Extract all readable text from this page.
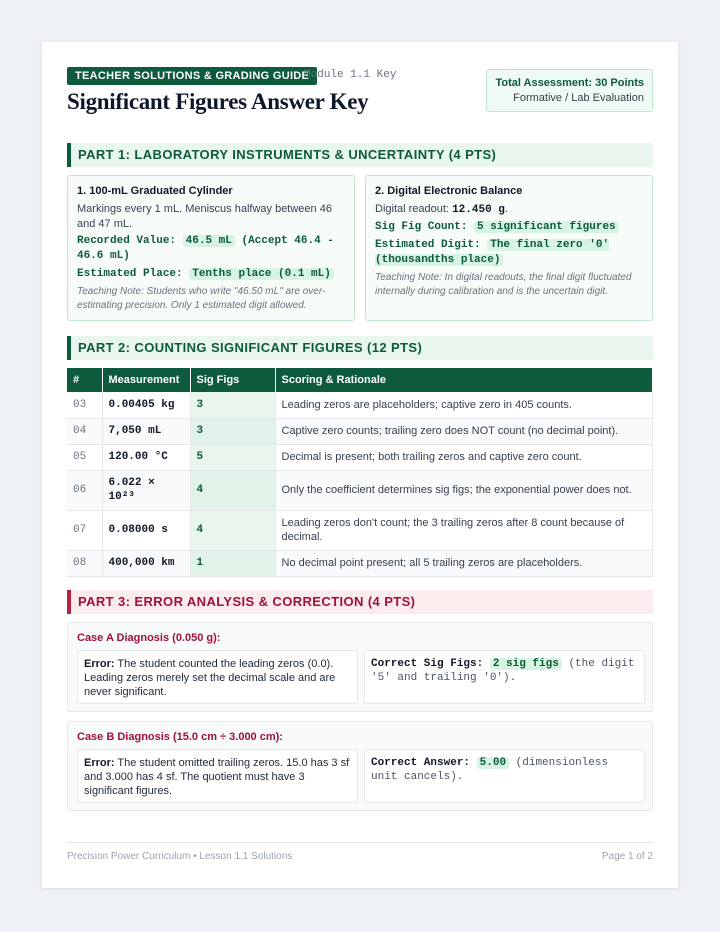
TEACHER SOLUTIONS & GRADING GUIDE
Module 1.1 Key
Significant Figures Answer Key
Total Assessment: 30 Points
Formative / Lab Evaluation
PART 1: LABORATORY INSTRUMENTS & UNCERTAINTY (4 PTS)
1. 100-mL Graduated Cylinder
Markings every 1 mL. Meniscus halfway between 46 and 47 mL.
Recorded Value: 46.5 mL (Accept 46.4 - 46.6 mL)
Estimated Place: Tenths place (0.1 mL)
Teaching Note: Students who write "46.50 mL" are over-estimating precision. Only 1 estimated digit allowed.
2. Digital Electronic Balance
Digital readout: 12.450 g.
Sig Fig Count: 5 significant figures
Estimated Digit: The final zero '0' (thousandths place)
Teaching Note: In digital readouts, the final digit fluctuated internally during calibration and is the uncertain digit.
PART 2: COUNTING SIGNIFICANT FIGURES (12 PTS)
#	Measurement	Sig Figs	Scoring & Rationale
03	0.00405 kg	3	Leading zeros are placeholders; captive zero in 405 counts.
04	7,050 mL	3	Captive zero counts; trailing zero does NOT count (no decimal point).
05	120.00 °C	5	Decimal is present; both trailing zeros and captive zero count.
06	6.022 × 10²³	4	Only the coefficient determines sig figs; the exponential power does not.
07	0.08000 s	4	Leading zeros don't count; the 3 trailing zeros after 8 count because of decimal.
08	400,000 km	1	No decimal point present; all 5 trailing zeros are placeholders.
PART 3: ERROR ANALYSIS & CORRECTION (4 PTS)
Case A Diagnosis (0.050 g):
Error: The student counted the leading zeros (0.0). Leading zeros merely set the decimal scale and are never significant.
Correct Sig Figs: 2 sig figs (the digit '5' and trailing '0').
Case B Diagnosis (15.0 cm ÷ 3.000 cm):
Error: The student omitted trailing zeros. 15.0 has 3 sf and 3.000 has 4 sf. The quotient must have 3 significant figures.
Correct Answer: 5.00 (dimensionless unit cancels).
Precision Power Curriculum • Lesson 1.1 Solutions	Page 1 of 2
